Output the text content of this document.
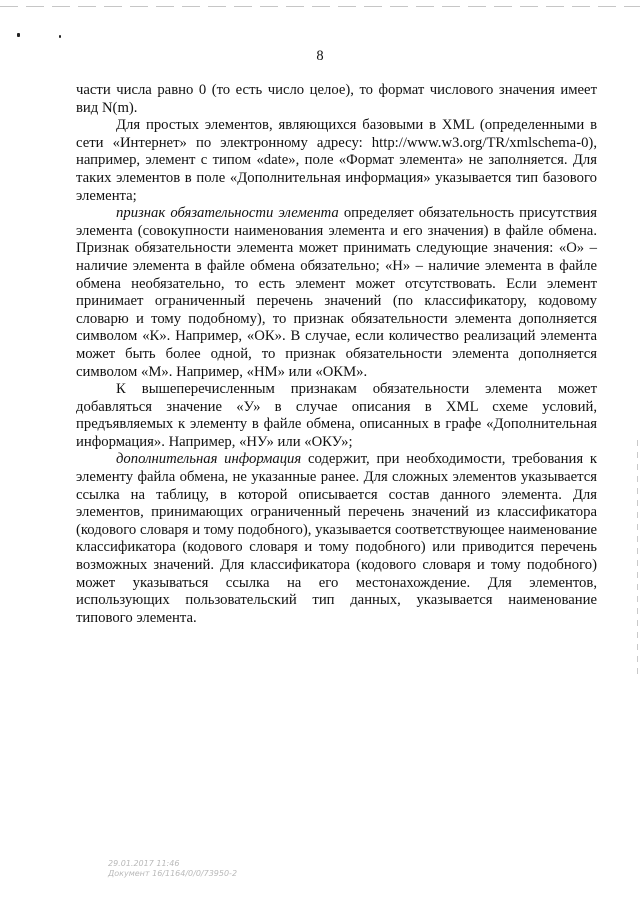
8

части числа равно 0 (то есть число целое), то формат числового значения имеет вид N(m).

Для простых элементов, являющихся базовыми в XML (определенными в сети «Интернет» по электронному адресу: http://www.w3.org/TR/xmlschema-0), например, элемент с типом «date», поле «Формат элемента» не заполняется. Для таких элементов в поле «Дополнительная информация» указывается тип базового элемента;

признак обязательности элемента определяет обязательность присутствия элемента (совокупности наименования элемента и его значения) в файле обмена. Признак обязательности элемента может принимать следующие значения: «О» – наличие элемента в файле обмена обязательно; «Н» – наличие элемента в файле обмена необязательно, то есть элемент может отсутствовать. Если элемент принимает ограниченный перечень значений (по классификатору, кодовому словарю и тому подобному), то признак обязательности элемента дополняется символом «К». Например, «ОК». В случае, если количество реализаций элемента может быть более одной, то признак обязательности элемента дополняется символом «М». Например, «НМ» или «ОКМ».

К вышеперечисленным признакам обязательности элемента может добавляться значение «У» в случае описания в XML схеме условий, предъявляемых к элементу в файле обмена, описанных в графе «Дополнительная информация». Например, «НУ» или «ОКУ»;

дополнительная информация содержит, при необходимости, требования к элементу файла обмена, не указанные ранее. Для сложных элементов указывается ссылка на таблицу, в которой описывается состав данного элемента. Для элементов, принимающих ограниченный перечень значений из классификатора (кодового словаря и тому подобного), указывается соответствующее наименование классификатора (кодового словаря и тому подобного) или приводится перечень возможных значений. Для классификатора (кодового словаря и тому подобного) может указываться ссылка на его местонахождение. Для элементов, использующих пользовательский тип данных, указывается наименование типового элемента.

29.01.2017 11:46
Документ 16/1164/0/0/73950-2
